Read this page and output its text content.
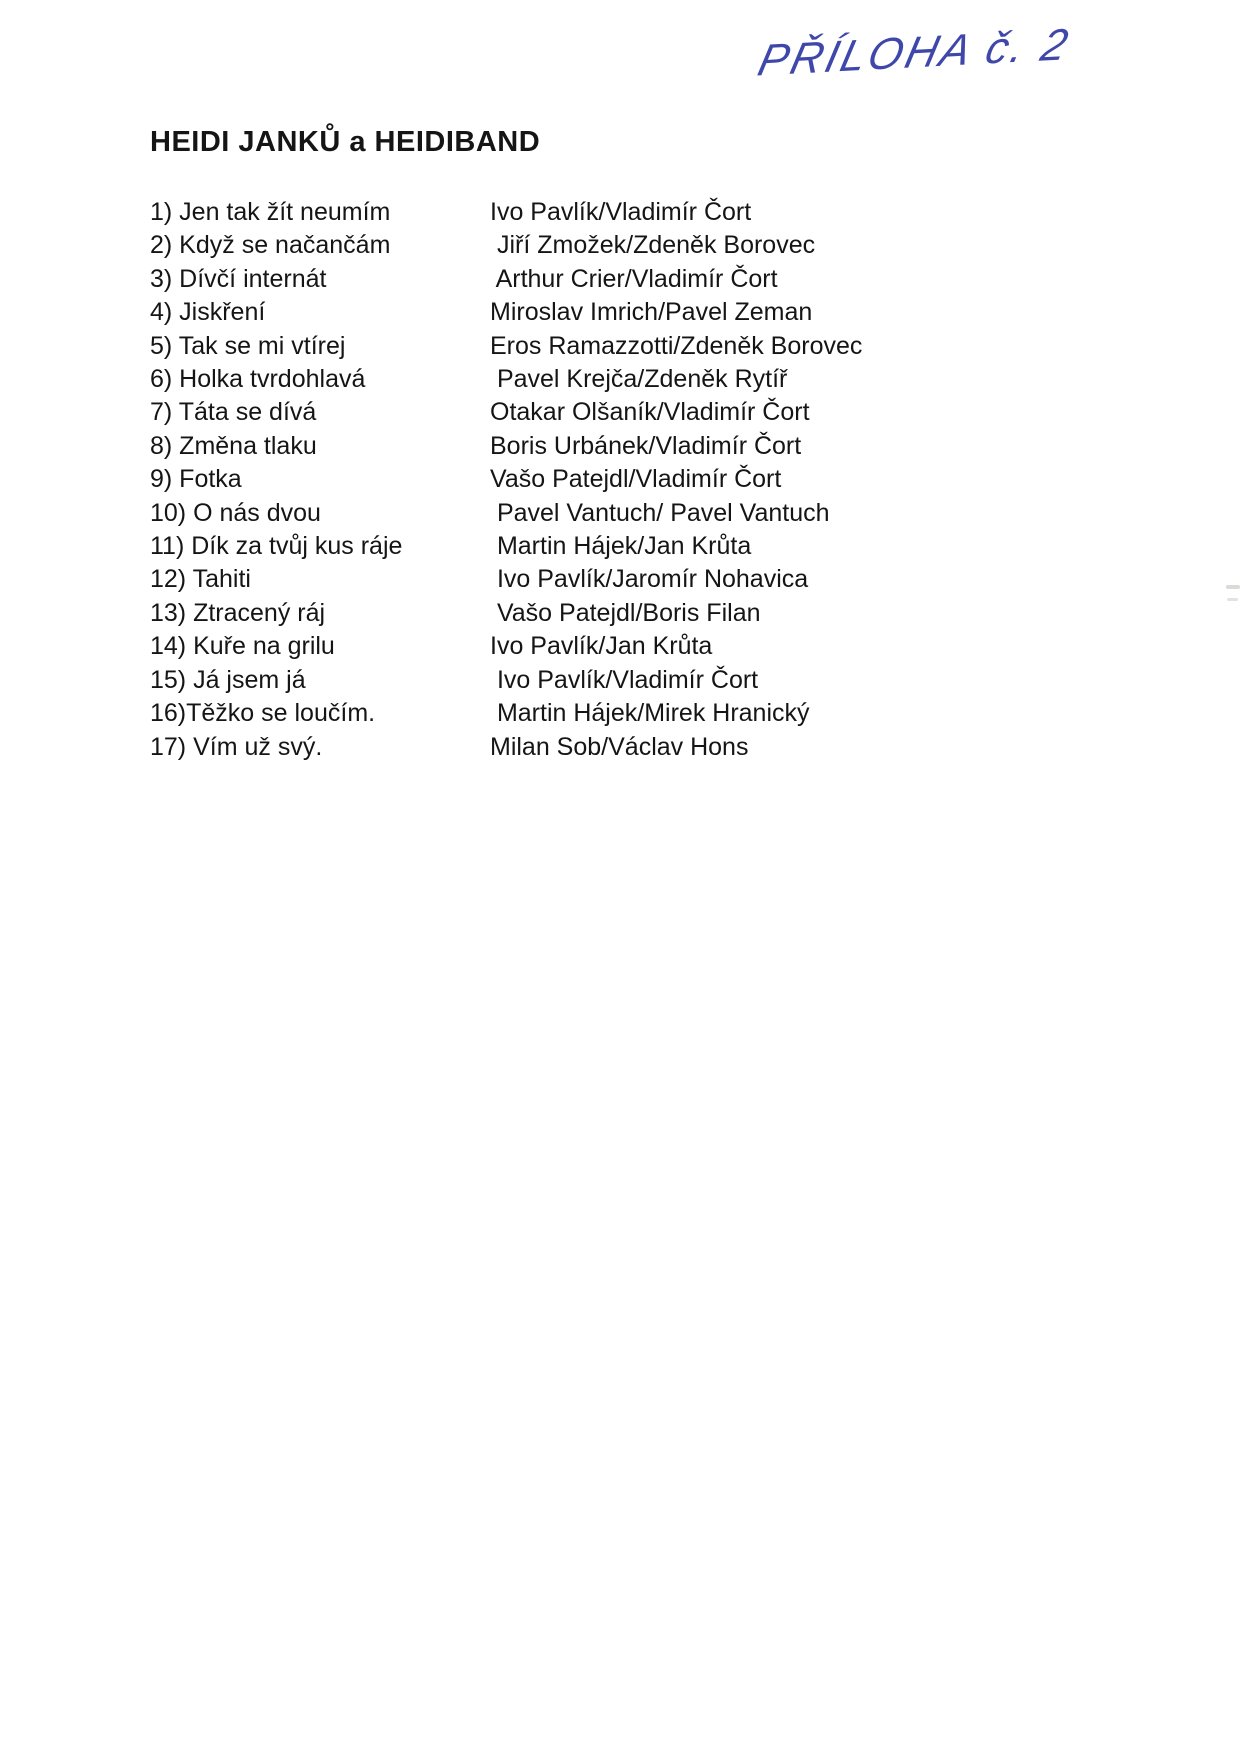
PŘÍLOHA č. 2
HEIDI JANKŮ a HEIDIBAND
1) Jen tak žít neumím	Ivo Pavlík/Vladimír Čort
2) Když se načančám	Jiří Zmožek/Zdeněk Borovec
3) Dívčí internát	Arthur Crier/Vladimír Čort
4) Jiskření	Miroslav Imrich/Pavel Zeman
5) Tak se mi vtírej	Eros Ramazzotti/Zdeněk Borovec
6) Holka tvrdohlavá	Pavel Krejča/Zdeněk Rytíř
7) Táta se dívá	Otakar Olšaník/Vladimír Čort
8) Změna tlaku	Boris Urbánek/Vladimír Čort
9) Fotka	Vašo Patejdl/Vladimír Čort
10) O nás dvou	Pavel Vantuch/ Pavel Vantuch
11) Dík za tvůj kus ráje	Martin Hájek/Jan Krůta
12) Tahiti	Ivo Pavlík/Jaromír Nohavica
13) Ztracený ráj	Vašo Patejdl/Boris Filan
14) Kuře na grilu	Ivo Pavlík/Jan Krůta
15) Já jsem já	Ivo Pavlík/Vladimír Čort
16)Těžko se loučím.	Martin Hájek/Mirek Hranický
17) Vím už svý.	Milan Sob/Václav Hons
